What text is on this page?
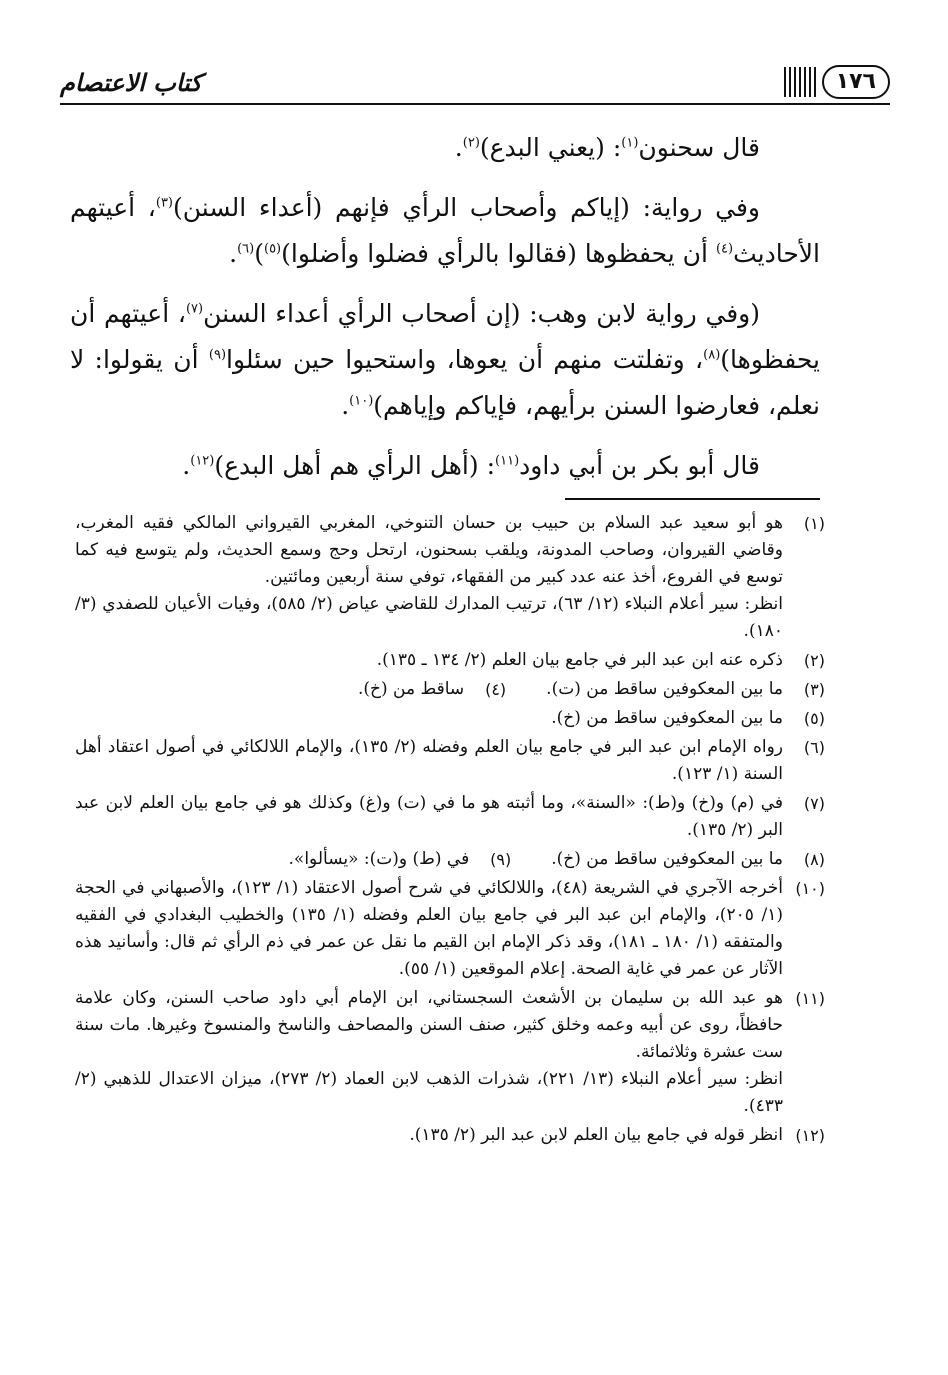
١٧٦
كتاب الاعتصام

قال سحنون$^{(١)}$: (يعني البدع)$^{(٢)}$.

وفي رواية: (إياكم وأصحاب الرأي فإنهم (أعداء السنن)$^{(٣)}$، أعيتهم الأحاديث$^{(٤)}$ أن يحفظوها (فقالوا بالرأي فضلوا وأضلوا)$^{(٥)}$)$^{(٦)}$.

(وفي رواية لابن وهب: (إن أصحاب الرأي أعداء السنن$^{(٧)}$، أعيتهم أن يحفظوها)$^{(٨)}$، وتفلتت منهم أن يعوها، واستحيوا حين سئلوا$^{(٩)}$ أن يقولوا: لا نعلم، فعارضوا السنن برأيهم، فإياكم وإياهم)$^{(١٠)}$.

قال أبو بكر بن أبي داود$^{(١١)}$: (أهل الرأي هم أهل البدع)$^{(١٢)}$.

(١)
هو أبو سعيد عبد السلام بن حبيب بن حسان التنوخي، المغربي القيرواني المالكي فقيه المغرب، وقاضي القيروان، وصاحب المدونة، ويلقب بسحنون، ارتحل وحج وسمع الحديث، ولم يتوسع فيه كما توسع في الفروع، أخذ عنه عدد كبير من الفقهاء، توفي سنة أربعين ومائتين.
انظر: سير أعلام النبلاء (١٢/ ٦٣)، ترتيب المدارك للقاضي عياض (٢/ ٥٨٥)، وفيات الأعيان للصفدي (٣/ ١٨٠).
(٢)
ذكره عنه ابن عبد البر في جامع بيان العلم (٢/ ١٣٤ ـ ١٣٥).
(٣)
ما بين المعكوفين ساقط من (ت).
(٤)
ساقط من (خ).
(٥)
ما بين المعكوفين ساقط من (خ).
(٦)
رواه الإمام ابن عبد البر في جامع بيان العلم وفضله (٢/ ١٣٥)، والإمام اللالكائي في أصول اعتقاد أهل السنة (١/ ١٢٣).
(٧)
في (م) و(خ) و(ط): «السنة»، وما أثبته هو ما في (ت) و(غ) وكذلك هو في جامع بيان العلم لابن عبد البر (٢/ ١٣٥).
(٨)
ما بين المعكوفين ساقط من (خ).
(٩)
في (ط) و(ت): «يسألوا».
(١٠)
أخرجه الآجري في الشريعة (٤٨)، واللالكائي في شرح أصول الاعتقاد (١/ ١٢٣)، والأصبهاني في الحجة (١/ ٢٠٥)، والإمام ابن عبد البر في جامع بيان العلم وفضله (١/ ١٣٥) والخطيب البغدادي في الفقيه والمتفقه (١/ ١٨٠ ـ ١٨١)، وقد ذكر الإمام ابن القيم ما نقل عن عمر في ذم الرأي ثم قال: وأسانيد هذه الآثار عن عمر في غاية الصحة. إعلام الموقعين (١/ ٥٥).
(١١)
هو عبد الله بن سليمان بن الأشعث السجستاني، ابن الإمام أبي داود صاحب السنن، وكان علامة حافظاً، روى عن أبيه وعمه وخلق كثير، صنف السنن والمصاحف والناسخ والمنسوخ وغيرها. مات سنة ست عشرة وثلاثمائة.
انظر: سير أعلام النبلاء (١٣/ ٢٢١)، شذرات الذهب لابن العماد (٢/ ٢٧٣)، ميزان الاعتدال للذهبي (٢/ ٤٣٣).
(١٢)
انظر قوله في جامع بيان العلم لابن عبد البر (٢/ ١٣٥).
